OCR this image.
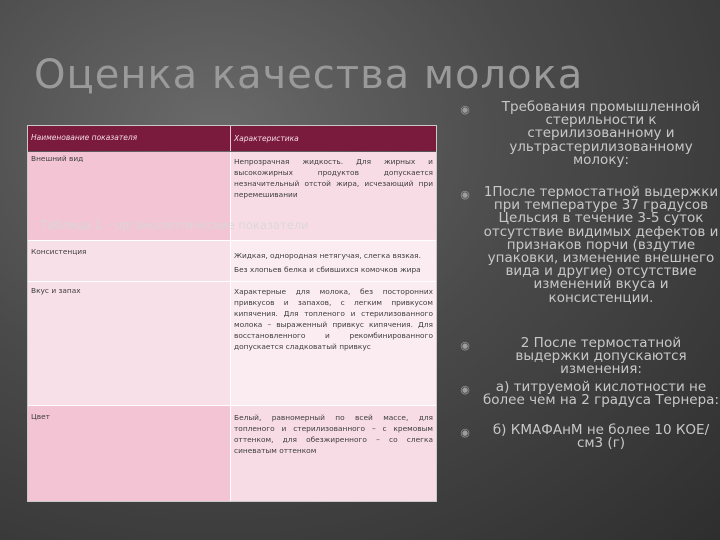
Оценка качества молока
Наименование показателя	Характеристика
Внешний вид	Непрозрачная жидкость. Для жирных и высокожирных продуктов допускается незначительный отстой жира, исчезающий при перемешивании
Консистенция	Жидкая, однородная нетягучая, слегка вязкая.
Без хлопьев белка и сбившихся комочков жира
Вкус и запах	Характерные для молока, без посторонних привкусов и запахов, с легким привкусом кипячения. Для топленого и стерилизованного молока – выраженный привкус кипячения. Для восстановленного и рекомбинированного допускается сладковатый привкус
Цвет	Белый, равномерный по всей массе, для топленого и стерилизованного – с кремовым оттенком, для обезжиренного – со слегка синеватым оттенком
Таблица 1 – органолептические показатели
◉	Требования промышленной стерильности к стерилизованному и ультрастерилизованному молоку:
◉ 1После термостатной выдержки при температуре 37 градусов Цельсия в течение 3-5 суток отсутствие видимых дефектов и признаков порчи (вздутие упаковки, изменение внешнего вида и другие) отсутствие изменений вкуса и консистенции.
◉	2 После термостатной выдержки допускаются изменения:
◉	а) титруемой кислотности не более чем на 2 градуса Тернера:
◉	б) КМАФАнМ не более 10 КОЕ/см3 (г)
